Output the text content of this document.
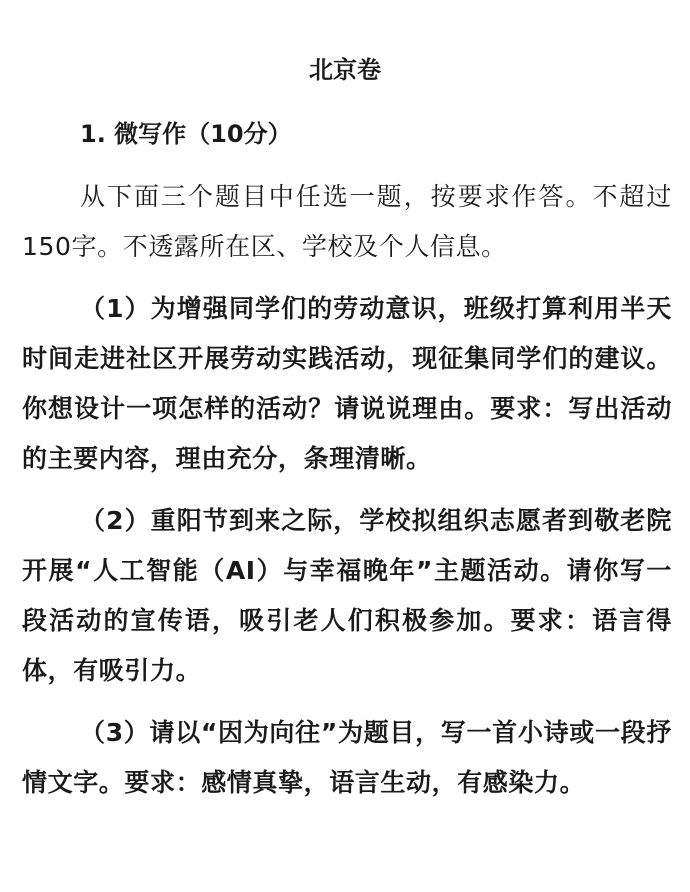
北京卷
1. 微写作（10分）

从下面三个题目中任选一题，按要求作答。不超过150字。不透露所在区、学校及个人信息。

（1）为增强同学们的劳动意识，班级打算利用半天时间走进社区开展劳动实践活动，现征集同学们的建议。你想设计一项怎样的活动？请说说理由。要求：写出活动的主要内容，理由充分，条理清晰。

（2）重阳节到来之际，学校拟组织志愿者到敬老院开展“人工智能（AI）与幸福晚年”主题活动。请你写一段活动的宣传语，吸引老人们积极参加。要求：语言得体，有吸引力。

（3）请以“因为向往”为题目，写一首小诗或一段抒情文字。要求：感情真挚，语言生动，有感染力。
